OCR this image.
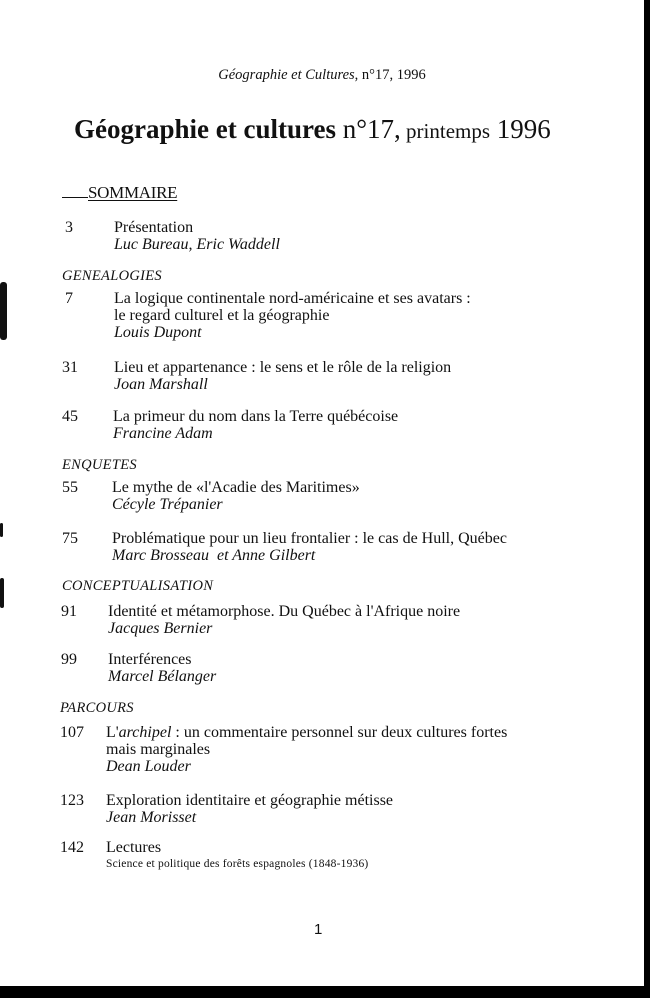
Géographie et Cultures, n°17, 1996
Géographie et cultures n°17, printemps 1996
SOMMAIRE
3	Présentation
Luc Bureau, Eric Waddell
GENEALOGIES
7	La logique continentale nord-américaine et ses avatars :
le regard culturel et la géographie
Louis Dupont
31	Lieu et appartenance : le sens et le rôle de la religion
Joan Marshall
45	La primeur du nom dans la Terre québécoise
Francine Adam
ENQUETES
55	Le mythe de «l'Acadie des Maritimes»
Cécyle Trépanier
75	Problématique pour un lieu frontalier : le cas de Hull, Québec
Marc Brosseau  et Anne Gilbert
CONCEPTUALISATION
91	Identité et métamorphose. Du Québec à l'Afrique noire
Jacques Bernier
99	Interférences
Marcel Bélanger
PARCOURS
107	L'archipel : un commentaire personnel sur deux cultures fortes
mais marginales
Dean Louder
123	Exploration identitaire et géographie métisse
Jean Morisset
142	Lectures
Science et politique des forêts espagnoles (1848-1936)
1
